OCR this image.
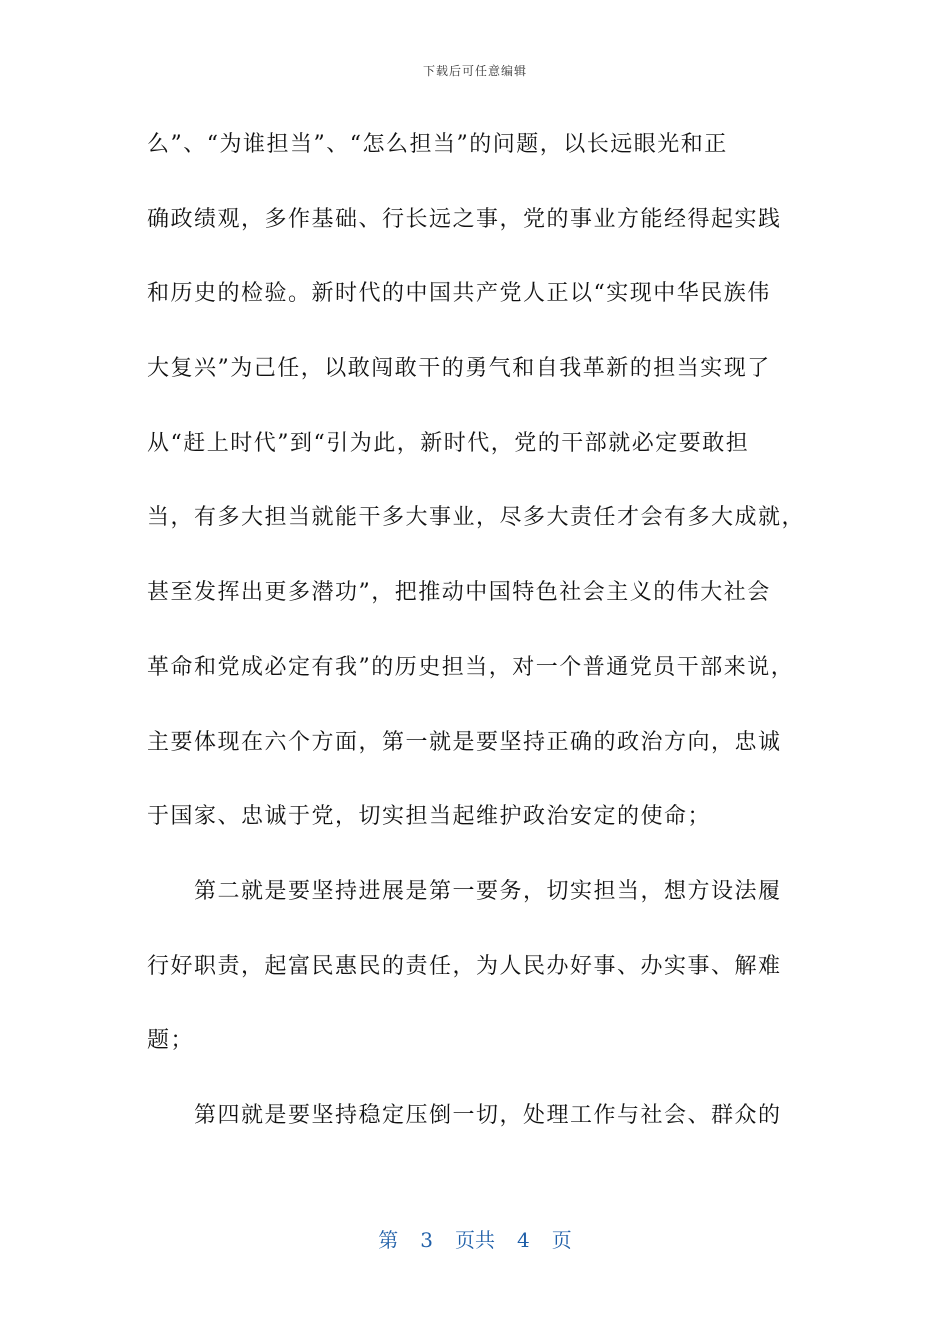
下载后可任意编辑
么”、“为谁担当”、“怎么担当”的问题，以长远眼光和正
确政绩观，多作基础、行长远之事，党的事业方能经得起实践
和历史的检验。新时代的中国共产党人正以“实现中华民族伟
大复兴”为己任，以敢闯敢干的勇气和自我革新的担当实现了
从“赶上时代”到“引为此，新时代，党的干部就必定要敢担
当，有多大担当就能干多大事业，尽多大责任才会有多大成就，
甚至发挥出更多潜功”，把推动中国特色社会主义的伟大社会
革命和党成必定有我”的历史担当，对一个普通党员干部来说，
主要体现在六个方面，第一就是要坚持正确的政治方向，忠诚
于国家、忠诚于党，切实担当起维护政治安定的使命；
第二就是要坚持进展是第一要务，切实担当，想方设法履
行好职责，起富民惠民的责任，为人民办好事、办实事、解难
题；
第四就是要坚持稳定压倒一切，处理工作与社会、群众的
第 3 页共 4 页
